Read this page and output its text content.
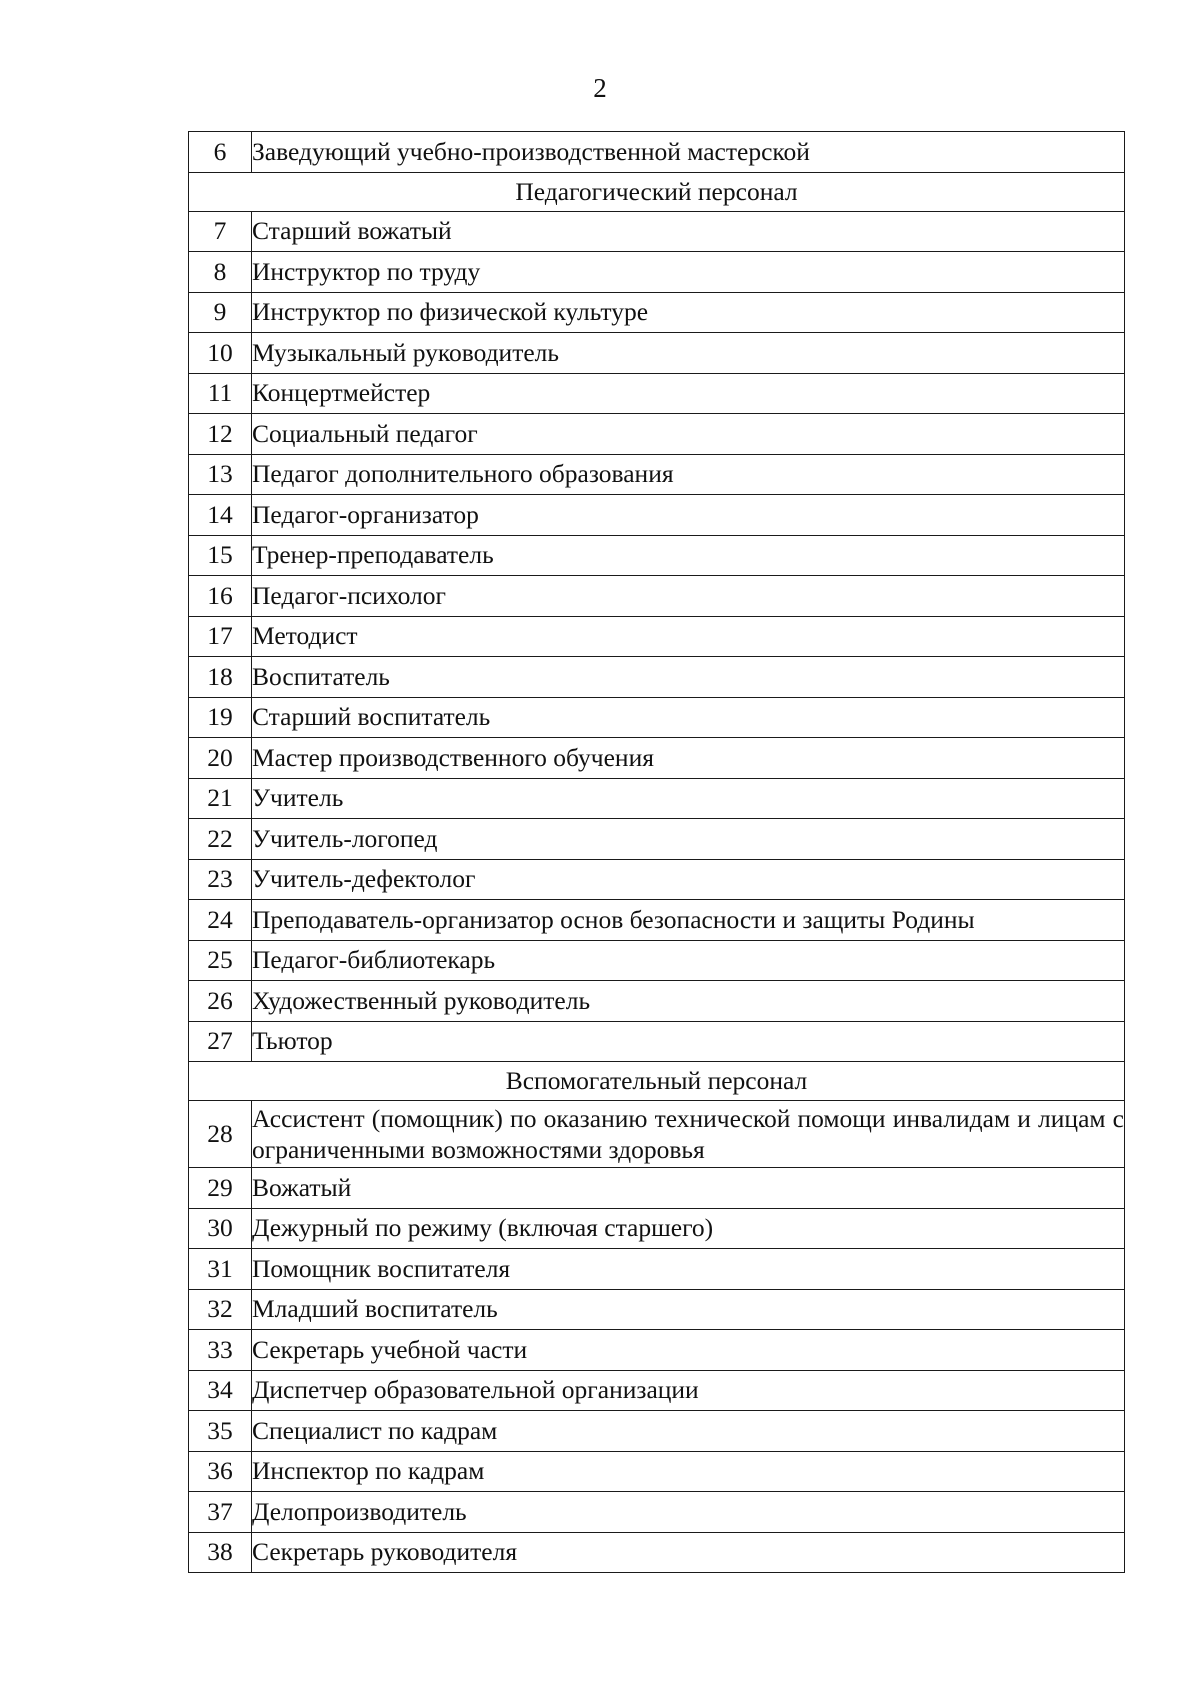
2
6	Заведующий учебно-производственной мастерской
Педагогический персонал	
7	Старший вожатый
8	Инструктор по труду
9	Инструктор по физической культуре
10	Музыкальный руководитель
11	Концертмейстер
12	Социальный педагог
13	Педагог дополнительного образования
14	Педагог-организатор
15	Тренер-преподаватель
16	Педагог-психолог
17	Методист
18	Воспитатель
19	Старший воспитатель
20	Мастер производственного обучения
21	Учитель
22	Учитель-логопед
23	Учитель-дефектолог
24	Преподаватель-организатор основ безопасности и защиты Родины
25	Педагог-библиотекарь
26	Художественный руководитель
27	Тьютор
Вспомогательный персонал	
28	Ассистент (помощник) по оказанию технической помощи инвалидам и лицам с ограниченными возможностями здоровья
29	Вожатый
30	Дежурный по режиму (включая старшего)
31	Помощник воспитателя
32	Младший воспитатель
33	Секретарь учебной части
34	Диспетчер образовательной организации
35	Специалист по кадрам
36	Инспектор по кадрам
37	Делопроизводитель
38	Секретарь руководителя
